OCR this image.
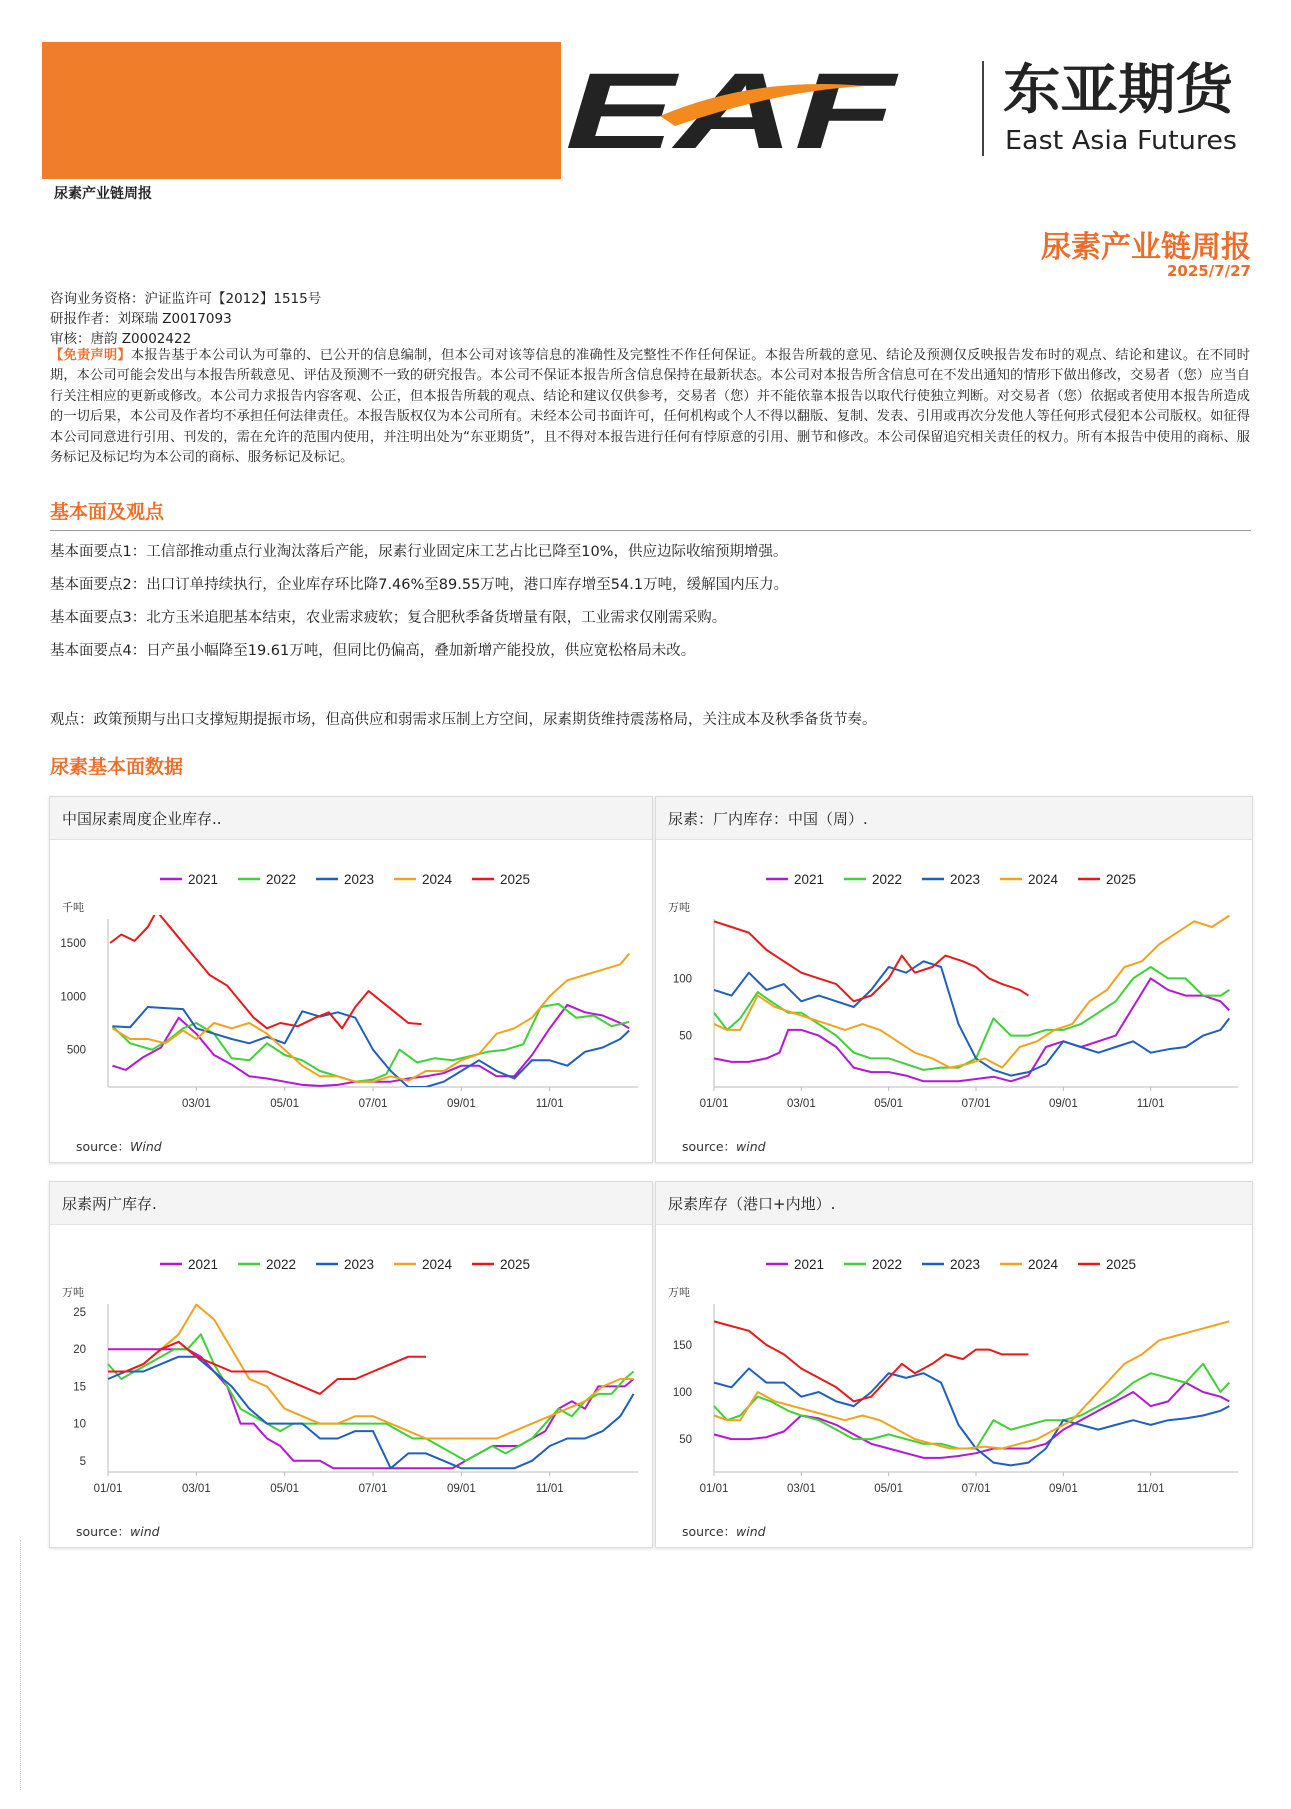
尿素产业链周报
EAF 东亚期货
East Asia Futures
尿素产业链周报
2025/7/27
咨询业务资格：沪证监许可【2012】1515号
研报作者：刘琛瑞 Z0017093
审核：唐韵 Z0002422
【免责声明】本报告基于本公司认为可靠的、已公开的信息编制，但本公司对该等信息的准确性及完整性不作任何保证。本报告所载的意见、结论及预测仅反映报告发布时的观点、结论和建议。在不同时期，本公司可能会发出与本报告所载意见、评估及预测不一致的研究报告。本公司不保证本报告所含信息保持在最新状态。本公司对本报告所含信息可在不发出通知的情形下做出修改，交易者（您）应当自行关注相应的更新或修改。本公司力求报告内容客观、公正，但本报告所载的观点、结论和建议仅供参考，交易者（您）并不能依靠本报告以取代行使独立判断。对交易者（您）依据或者使用本报告所造成的一切后果，本公司及作者均不承担任何法律责任。本报告版权仅为本公司所有。未经本公司书面许可，任何机构或个人不得以翻版、复制、发表、引用或再次分发他人等任何形式侵犯本公司版权。如征得本公司同意进行引用、刊发的，需在允许的范围内使用，并注明出处为“东亚期货”，且不得对本报告进行任何有悖原意的引用、删节和修改。本公司保留追究相关责任的权力。所有本报告中使用的商标、服务标记及标记均为本公司的商标、服务标记及标记。
基本面及观点
基本面要点1：工信部推动重点行业淘汰落后产能，尿素行业固定床工艺占比已降至10%，供应边际收缩预期增强。
基本面要点2：出口订单持续执行，企业库存环比降7.46%至89.55万吨，港口库存增至54.1万吨，缓解国内压力。
基本面要点3：北方玉米追肥基本结束，农业需求疲软；复合肥秋季备货增量有限，工业需求仅刚需采购。
基本面要点4：日产虽小幅降至19.61万吨，但同比仍偏高，叠加新增产能投放，供应宽松格局未改。
观点：政策预期与出口支撑短期提振市场，但高供应和弱需求压制上方空间，尿素期货维持震荡格局，关注成本及秋季备货节奏。
尿素基本面数据
中国尿素周度企业库存..
2021	2022	2023	2024	2025
千吨
500
1000
1500
03/01	05/01	07/01	09/01	11/01
source：Wind
尿素：厂内库存：中国（周）.
2021	2022	2023	2024	2025
万吨
50
100
01/01	03/01	05/01	07/01	09/01	11/01
source：wind
尿素两广库存.
2021	2022	2023	2024	2025
万吨
5
10
15
20
25
01/01	03/01	05/01	07/01	09/01	11/01
source：wind
尿素库存（港口+内地）.
2021	2022	2023	2024	2025
万吨
50
100
150
01/01	03/01	05/01	07/01	09/01	11/01
source：wind
